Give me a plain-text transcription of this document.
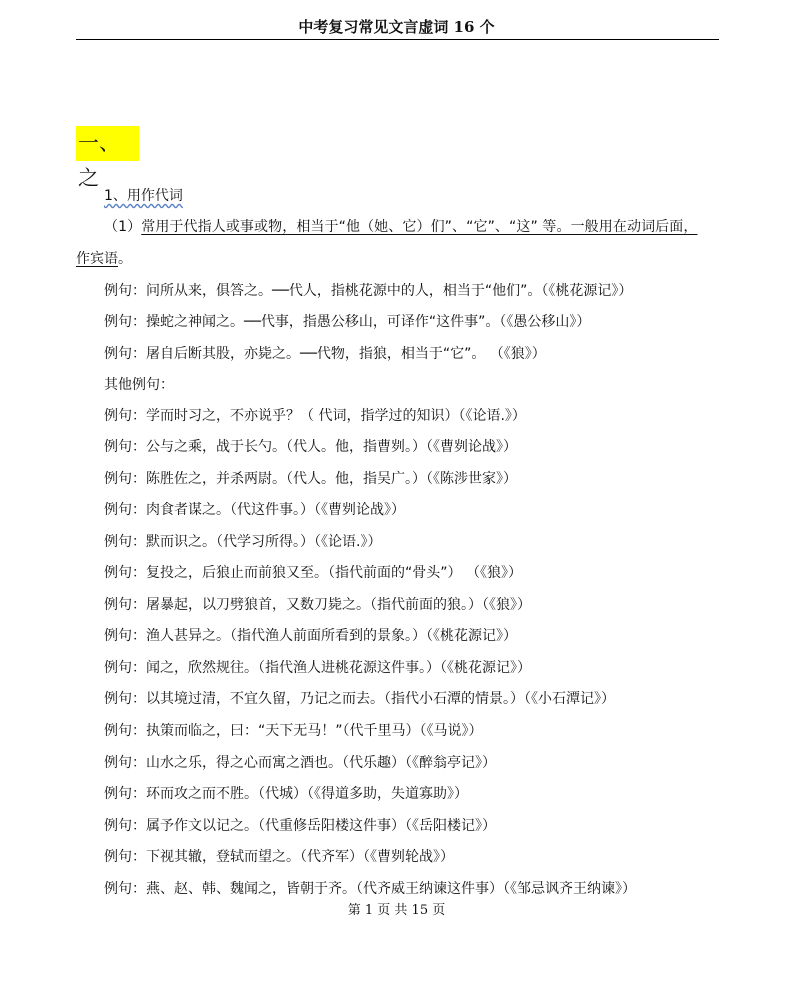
中考复习常见文言虚词 16 个
一、之
1、用作代词
（1）常用于代指人或事或物，相当于“他（她、它）们”、“它”、“这” 等。一般用在动词后面，
作宾语。
例句：问所从来，俱答之。──代人，指桃花源中的人，相当于“他们”。（《桃花源记》）
例句：操蛇之神闻之。──代事，指愚公移山，可译作“这件事”。（《愚公移山》）
例句：屠自后断其股，亦毙之。──代物，指狼，相当于“它”。 （《狼》）
其他例句：
例句：学而时习之，不亦说乎？（ 代词，指学过的知识）（《论语.》）
例句：公与之乘，战于长勺。（代人。他，指曹刿。）（《曹刿论战》）
例句：陈胜佐之，并杀两尉。（代人。他，指吴广。）（《陈涉世家》）
例句：肉食者谋之。（代这件事。）（《曹刿论战》）
例句：默而识之。（代学习所得。）（《论语.》）
例句：复投之，后狼止而前狼又至。（指代前面的“骨头”） （《狼》）
例句：屠暴起，以刀劈狼首，又数刀毙之。（指代前面的狼。）（《狼》）
例句：渔人甚异之。（指代渔人前面所看到的景象。）（《桃花源记》）
例句：闻之，欣然规往。（指代渔人进桃花源这件事。）（《桃花源记》）
例句：以其境过清，不宜久留，乃记之而去。（指代小石潭的情景。）（《小石潭记》）
例句：执策而临之，曰：“天下无马！”（代千里马）（《马说》）
例句：山水之乐，得之心而寓之酒也。（代乐趣）（《醉翁亭记》）
例句：环而攻之而不胜。（代城）（《得道多助，失道寡助》）
例句：属予作文以记之。（代重修岳阳楼这件事）（《岳阳楼记》）
例句：下视其辙，登轼而望之。（代齐军）（《曹刿轮战》）
例句：燕、赵、韩、魏闻之，皆朝于齐。（代齐威王纳谏这件事）（《邹忌讽齐王纳谏》）
第 1 页 共 15 页
